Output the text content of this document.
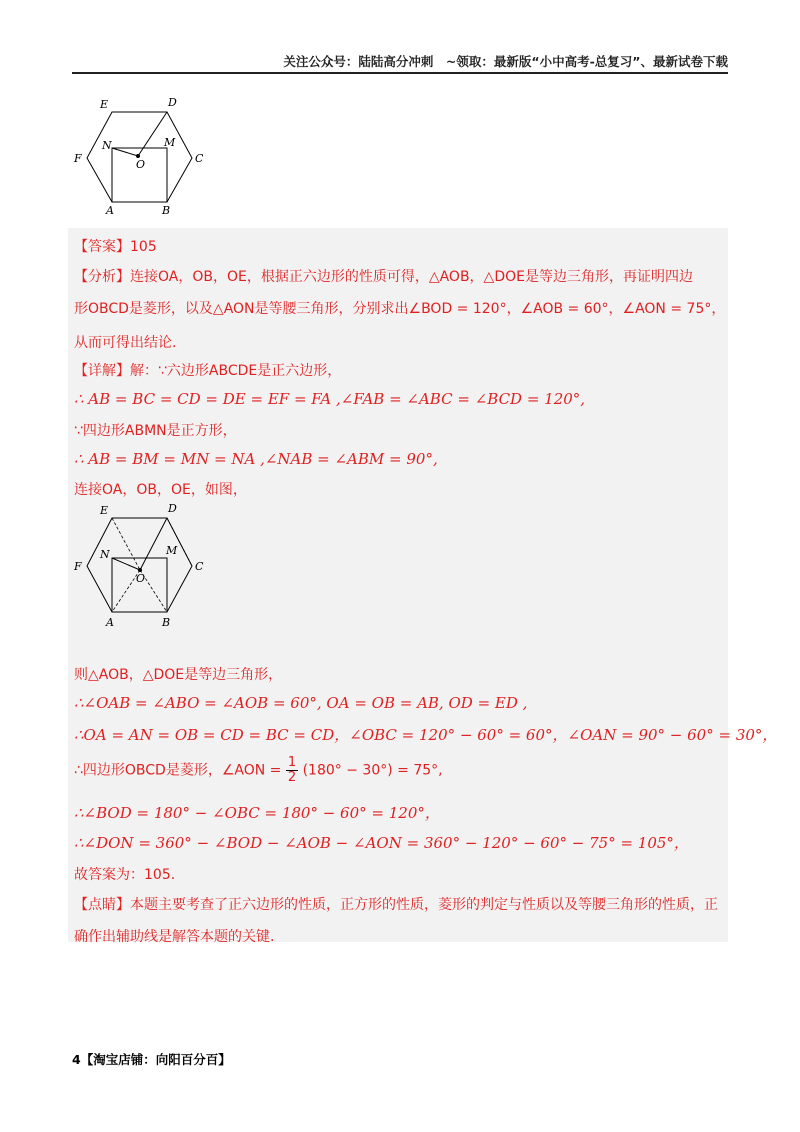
关注公众号：陆陆高分冲刺　~领取：最新版“小中高考-总复习”、最新试卷下载
E	D
F	C
N	M
O
A	B
【答案】105
【分析】连接OA，OB，OE，根据正六边形的性质可得，△AOB，△DOE是等边三角形，再证明四边
形OBCD是菱形，以及△AON是等腰三角形，分别求出∠BOD = 120°，∠AOB = 60°，∠AON = 75°，
从而可得出结论.
【详解】解：∵六边形ABCDE是正六边形，
∴ AB = BC = CD = DE = EF = FA ,∠FAB = ∠ABC = ∠BCD = 120°,
∵四边形ABMN是正方形，
∴ AB = BM = MN = NA ,∠NAB = ∠ABM = 90°,
连接OA，OB，OE，如图，
E	D
F	C
N	M
O
A	B
则△AOB，△DOE是等边三角形，
∴∠OAB = ∠ABO = ∠AOB = 60°, OA = OB = AB, OD = ED ,
∴OA = AN = OB = CD = BC = CD，∠OBC = 120° − 60° = 60°，∠OAN = 90° − 60° = 30°，
∴四边形OBCD是菱形，∠AON = $\frac{1}{2} (180^\circ - 30^\circ) = 75^\circ$,
∴∠BOD = 180° − ∠OBC = 180° − 60° = 120°，
∴∠DON = 360° − ∠BOD − ∠AOB − ∠AON = 360° − 120° − 60° − 75° = 105°，
故答案为：105.
【点睛】本题主要考查了正六边形的性质，正方形的性质，菱形的判定与性质以及等腰三角形的性质，正
确作出辅助线是解答本题的关键.
4【淘宝店铺：向阳百分百】
